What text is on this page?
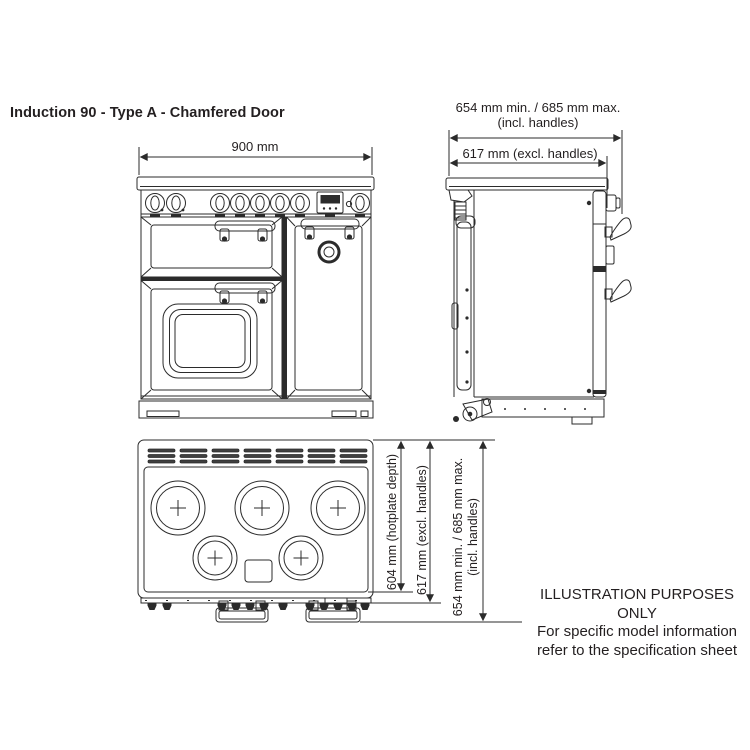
Induction 90 - Type A - Chamfered Door
900 mm
654 mm min. / 685 mm max.
(incl. handles)
617 mm (excl. handles)
604 mm (hotplate depth) 617 mm (excl. handles) 654 mm min. / 685 mm max. (incl. handles)
ILLUSTRATION PURPOSES ONLY
For specific model information
refer to the specification sheet
